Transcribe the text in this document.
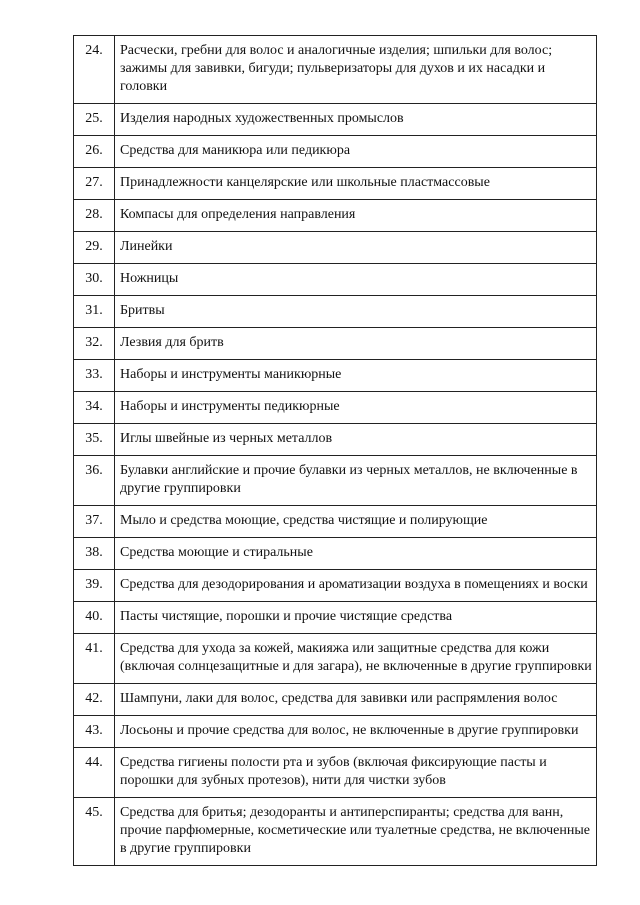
24.	Расчески, гребни для волос и аналогичные изделия; шпильки для волос; зажимы для завивки, бигуди; пульверизаторы для духов и их насадки и головки
25.	Изделия народных художественных промыслов
26.	Средства для маникюра или педикюра
27.	Принадлежности канцелярские или школьные пластмассовые
28.	Компасы для определения направления
29.	Линейки
30.	Ножницы
31.	Бритвы
32.	Лезвия для бритв
33.	Наборы и инструменты маникюрные
34.	Наборы и инструменты педикюрные
35.	Иглы швейные из черных металлов
36.	Булавки английские и прочие булавки из черных металлов, не включенные в другие группировки
37.	Мыло и средства моющие, средства чистящие и полирующие
38.	Средства моющие и стиральные
39.	Средства для дезодорирования и ароматизации воздуха в помещениях и воски
40.	Пасты чистящие, порошки и прочие чистящие средства
41.	Средства для ухода за кожей, макияжа или защитные средства для кожи (включая солнцезащитные и для загара), не включенные в другие группировки
42.	Шампуни, лаки для волос, средства для завивки или распрямления волос
43.	Лосьоны и прочие средства для волос, не включенные в другие группировки
44.	Средства гигиены полости рта и зубов (включая фиксирующие пасты и порошки для зубных протезов), нити для чистки зубов
45.	Средства для бритья; дезодоранты и антиперспиранты; средства для ванн, прочие парфюмерные, косметические или туалетные средства, не включенные в другие группировки
